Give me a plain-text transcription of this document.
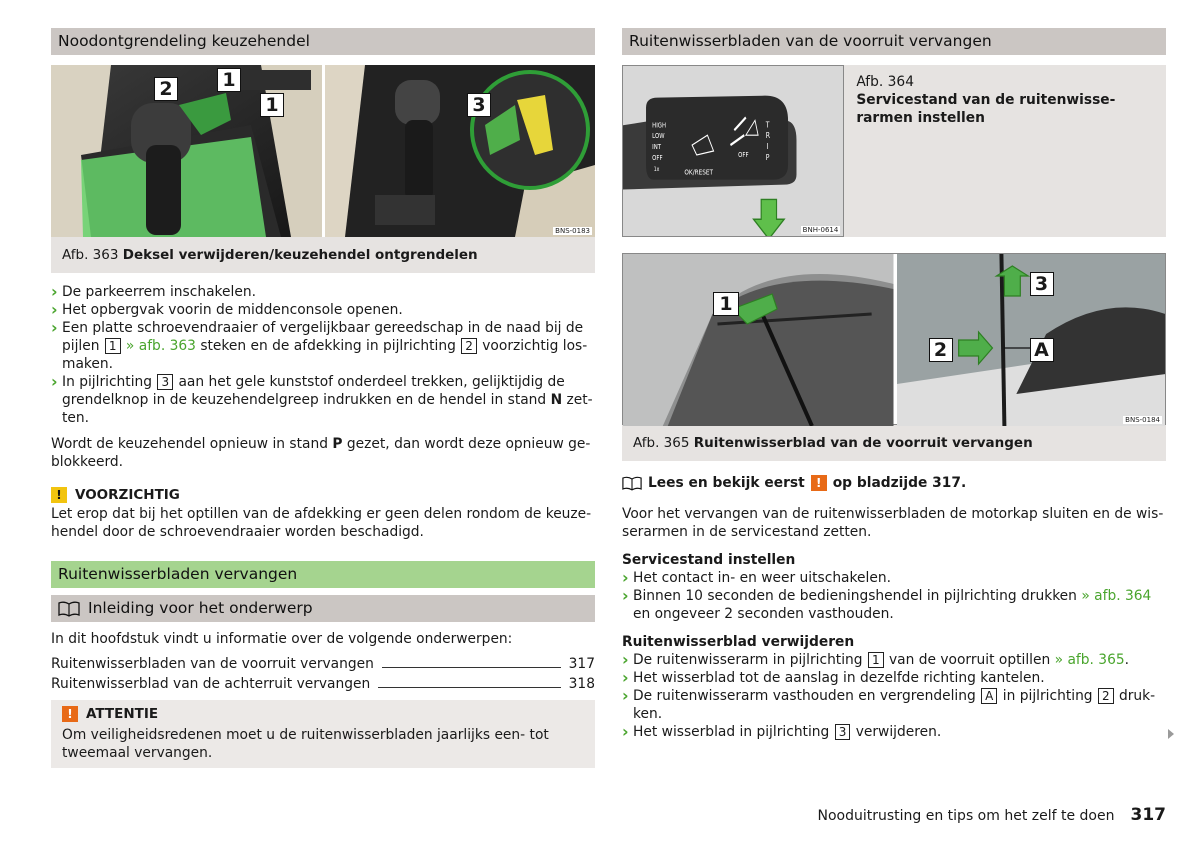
Noodontgrendeling keuzehendel
2	1
1	3
BNS-0183
Afb. 363 Deksel verwijderen/keuzehendel ontgrendelen
› De parkeerrem inschakelen.
› Het opbergvak voorin de middenconsole openen.
› Een platte schroevendraaier of vergelijkbaar gereedschap in de naad bij de pijlen 1 » afb. 363 steken en de afdekking in pijlrichting 2 voorzichtig los-maken.
› In pijlrichting 3 aan het gele kunststof onderdeel trekken, gelijktijdig de grendelknop in de keuzehendelgreep indrukken en de hendel in stand N zet-ten.

Wordt de keuzehendel opnieuw in stand P gezet, dan wordt deze opnieuw ge-blokkeerd.

! VOORZICHTIG

Let erop dat bij het optillen van de afdekking er geen delen rondom de keuze-hendel door de schroevendraaier worden beschadigd.

Ruitenwisserbladen vervangen
Inleiding voor het onderwerp

In dit hoofdstuk vindt u informatie over de volgende onderwerpen:

Ruitenwisserbladen van de voorruit vervangen	317
Ruitenwisserblad van de achterruit vervangen	318
! ATTENTIE

Om veiligheidsredenen moet u de ruitenwisserbladen jaarlijks een- tot tweemaal vervangen.

Ruitenwisserbladen van de voorruit vervangen
HIGH
LOW
INT
OFF
1x	OK/RESET
OFF
T
R
I
P
BNH-0614
Afb. 364
Servicestand van de ruitenwisse-rarmen instellen
1
3
2	A
BNS-0184
Afb. 365 Ruitenwisserblad van de voorruit vervangen
Lees en bekijk eerst ! op bladzijde 317.

Voor het vervangen van de ruitenwisserbladen de motorkap sluiten en de wis-serarmen in de servicestand zetten.

Servicestand instellen
› Het contact in- en weer uitschakelen.
› Binnen 10 seconden de bedieningshendel in pijlrichting drukken » afb. 364 en ongeveer 2 seconden vasthouden.
Ruitenwisserblad verwijderen
› De ruitenwisserarm in pijlrichting 1 van de voorruit optillen » afb. 365.
› Het wisserblad tot de aanslag in dezelfde richting kantelen.
› De ruitenwisserarm vasthouden en vergrendeling A in pijlrichting 2 druk-ken.
› Het wisserblad in pijlrichting 3 verwijderen.
Nooduitrusting en tips om het zelf te doen 317
